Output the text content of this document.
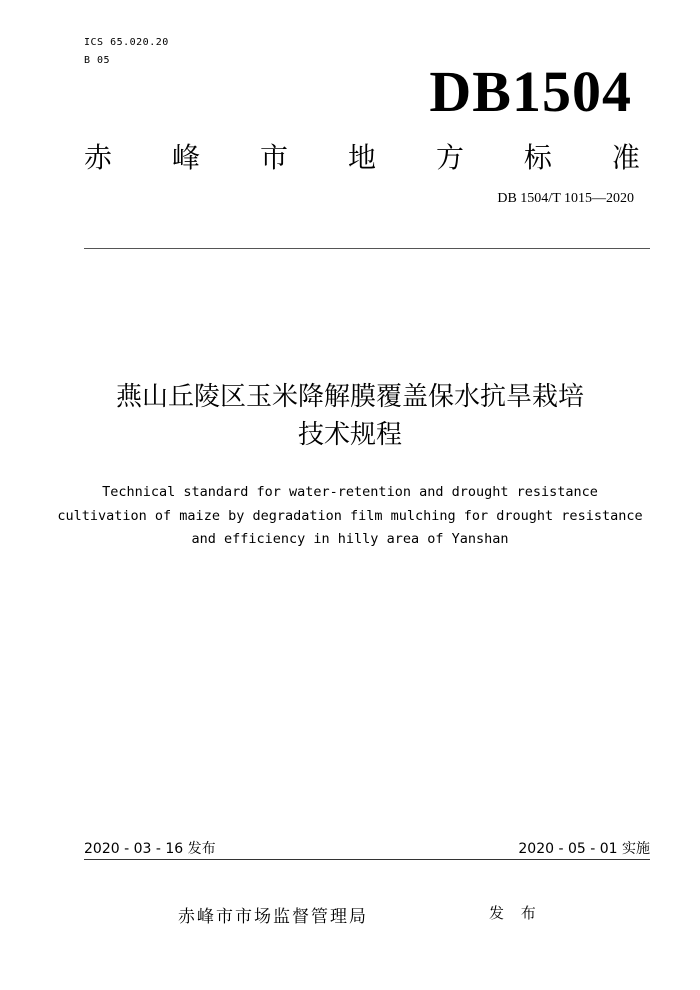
ICS 65.020.20
B 05	DB1504
赤 峰 市 地 方 标 准
DB 1504/T 1015—2020
燕山丘陵区玉米降解膜覆盖保水抗旱栽培
技术规程
Technical standard for water-retention and drought resistance
cultivation of maize by degradation film mulching for drought resistance
and efficiency in hilly area of Yanshan
2020 - 03 - 16 发布	2020 - 05 - 01 实施
赤峰市市场监督管理局	发 布
